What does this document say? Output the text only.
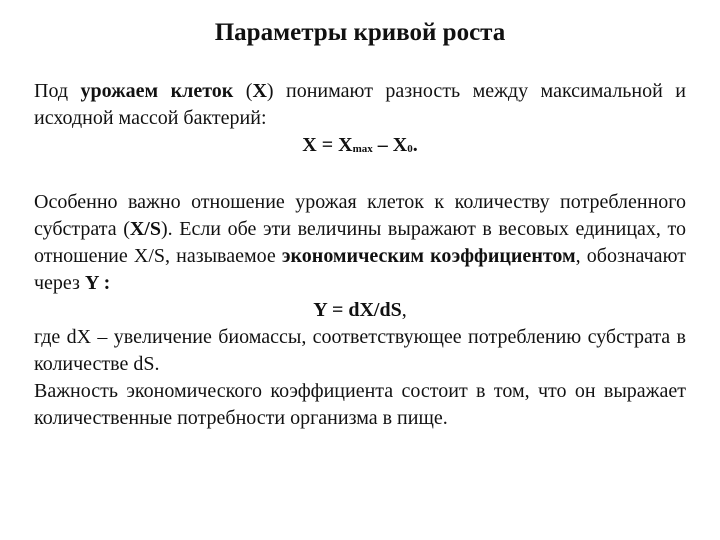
Параметры кривой роста

Под урожаем клеток (X) понимают разность между максимальной и исходной массой бактерий:

$X = X_{max} - X_0$.

Особенно важно отношение урожая клеток к количеству потребленного субстрата (X/S). Если обе эти величины выражают в весовых единицах, то отношение X/S, называемое экономическим коэффициентом, обозначают через Y :

Y = dX/dS,

где dX – увеличение биомассы, соответствующее потреблению субстрата в количестве dS.

Важность экономического коэффициента состоит в том, что он выражает количественные потребности организма в пище.
